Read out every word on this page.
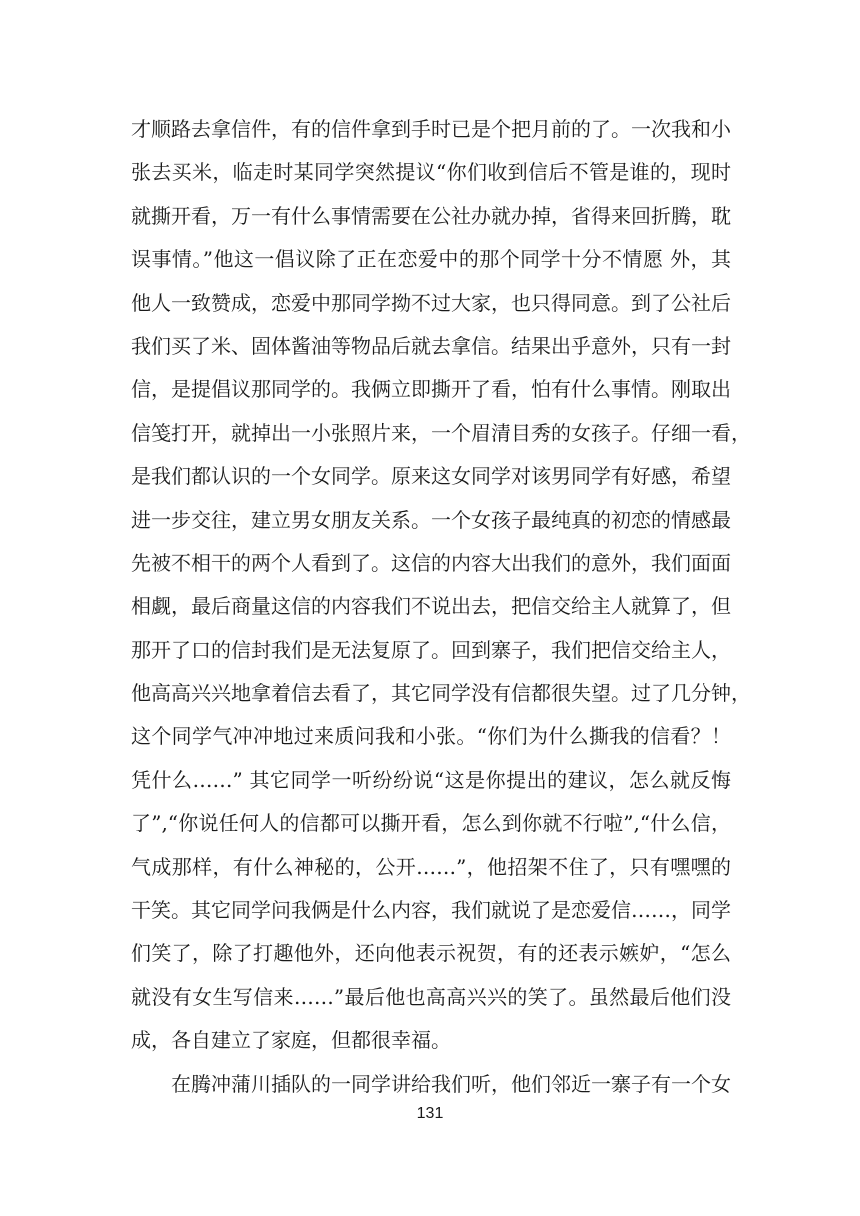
才顺路去拿信件，有的信件拿到手时已是个把月前的了。一次我和小
张去买米，临走时某同学突然提议“你们收到信后不管是谁的，现时
就撕开看，万一有什么事情需要在公社办就办掉，省得来回折腾，耽
误事情。”他这一倡议除了正在恋爱中的那个同学十分不情愿 外，其
他人一致赞成，恋爱中那同学拗不过大家，也只得同意。到了公社后
我们买了米、固体酱油等物品后就去拿信。结果出乎意外，只有一封
信，是提倡议那同学的。我俩立即撕开了看，怕有什么事情。刚取出
信笺打开，就掉出一小张照片来，一个眉清目秀的女孩子。仔细一看，
是我们都认识的一个女同学。原来这女同学对该男同学有好感，希望
进一步交往，建立男女朋友关系。一个女孩子最纯真的初恋的情感最
先被不相干的两个人看到了。这信的内容大出我们的意外，我们面面
相觑，最后商量这信的内容我们不说出去，把信交给主人就算了，但
那开了口的信封我们是无法复原了。回到寨子，我们把信交给主人，
他高高兴兴地拿着信去看了，其它同学没有信都很失望。过了几分钟，
这个同学气冲冲地过来质问我和小张。“你们为什么撕我的信看？！
凭什么……” 其它同学一听纷纷说“这是你提出的建议，怎么就反悔
了”,“你说任何人的信都可以撕开看，怎么到你就不行啦”,“什么信，
气成那样，有什么神秘的，公开……”，他招架不住了，只有嘿嘿的
干笑。其它同学问我俩是什么内容，我们就说了是恋爱信……，同学
们笑了，除了打趣他外，还向他表示祝贺，有的还表示嫉妒，“怎么
就没有女生写信来……”最后他也高高兴兴的笑了。虽然最后他们没
成，各自建立了家庭，但都很幸福。
在腾冲蒲川插队的一同学讲给我们听，他们邻近一寨子有一个女
131
